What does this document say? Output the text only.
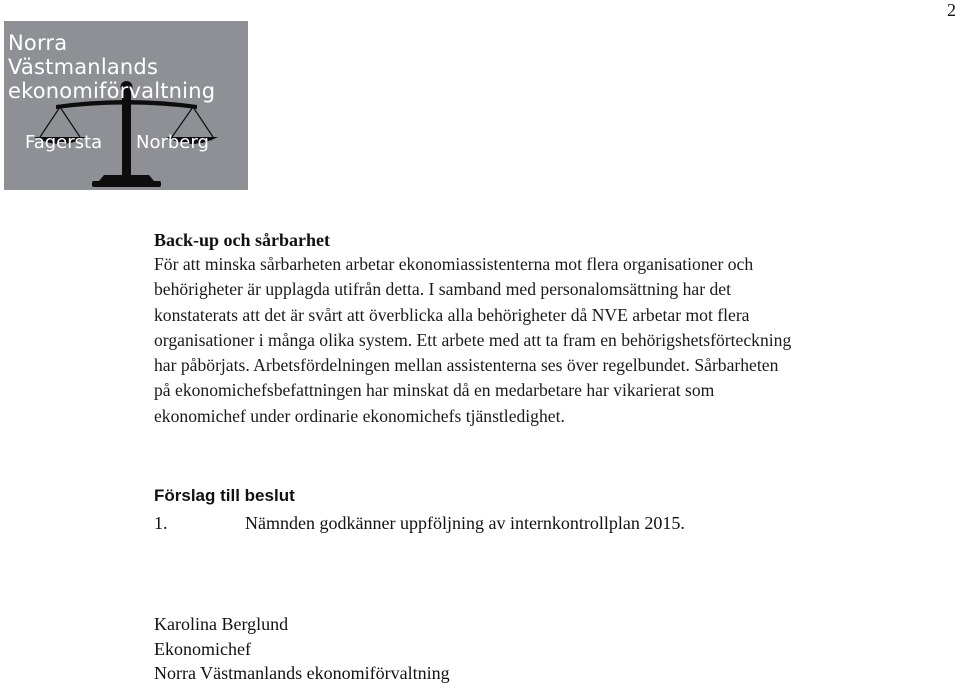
2
Norra
Västmanlands
ekonomiförvaltning
Fagersta Norberg
Back-up och sårbarhet
För att minska sårbarheten arbetar ekonomiassistenterna mot flera organisationer och
behörigheter är upplagda utifrån detta. I samband med personalomsättning har det
konstaterats att det är svårt att överblicka alla behörigheter då NVE arbetar mot flera
organisationer i många olika system. Ett arbete med att ta fram en behörigshetsförteckning
har påbörjats. Arbetsfördelningen mellan assistenterna ses över regelbundet. Sårbarheten
på ekonomichefsbefattningen har minskat då en medarbetare har vikarierat som
ekonomichef under ordinarie ekonomichefs tjänstledighet.
Förslag till beslut
1.	Nämnden godkänner uppföljning av internkontrollplan 2015.
Karolina Berglund
Ekonomichef
Norra Västmanlands ekonomiförvaltning
